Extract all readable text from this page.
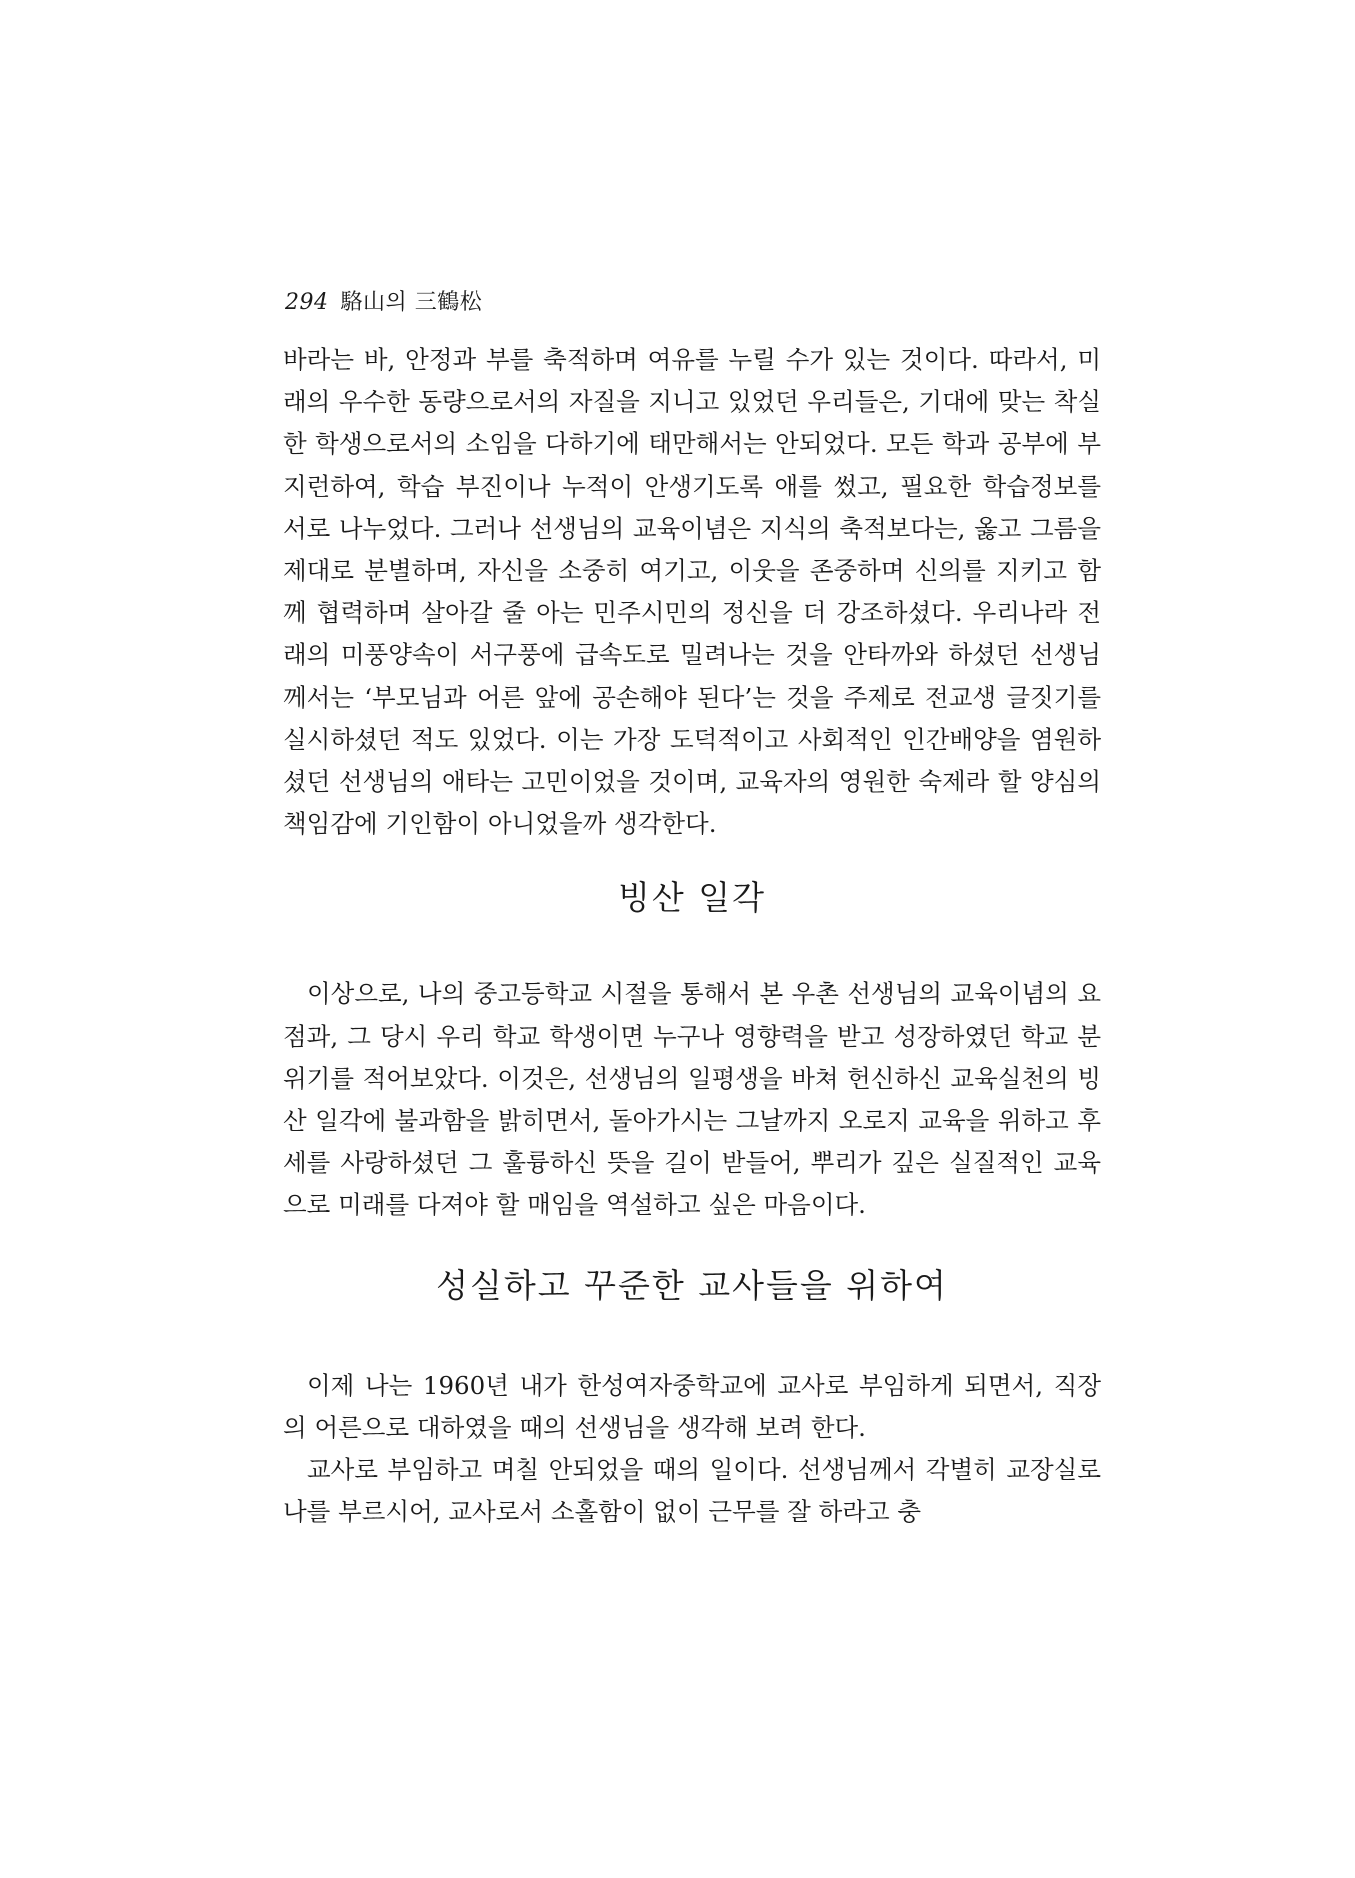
294 駱山의 三鶴松

바라는 바, 안정과 부를 축적하며 여유를 누릴 수가 있는 것이다. 따라서, 미래의 우수한 동량으로서의 자질을 지니고 있었던 우리들은, 기대에 맞는 착실한 학생으로서의 소임을 다하기에 태만해서는 안되었다. 모든 학과 공부에 부지런하여, 학습 부진이나 누적이 안생기도록 애를 썼고, 필요한 학습정보를 서로 나누었다. 그러나 선생님의 교육이념은 지식의 축적보다는, 옳고 그름을 제대로 분별하며, 자신을 소중히 여기고, 이웃을 존중하며 신의를 지키고 함께 협력하며 살아갈 줄 아는 민주시민의 정신을 더 강조하셨다. 우리나라 전래의 미풍양속이 서구풍에 급속도로 밀려나는 것을 안타까와 하셨던 선생님께서는 ‘부모님과 어른 앞에 공손해야 된다’는 것을 주제로 전교생 글짓기를 실시하셨던 적도 있었다. 이는 가장 도덕적이고 사회적인 인간배양을 염원하셨던 선생님의 애타는 고민이었을 것이며, 교육자의 영원한 숙제라 할 양심의 책임감에 기인함이 아니었을까 생각한다.

빙산 일각

이상으로, 나의 중고등학교 시절을 통해서 본 우촌 선생님의 교육이념의 요점과, 그 당시 우리 학교 학생이면 누구나 영향력을 받고 성장하였던 학교 분위기를 적어보았다. 이것은, 선생님의 일평생을 바쳐 헌신하신 교육실천의 빙산 일각에 불과함을 밝히면서, 돌아가시는 그날까지 오로지 교육을 위하고 후세를 사랑하셨던 그 훌륭하신 뜻을 길이 받들어, 뿌리가 깊은 실질적인 교육으로 미래를 다져야 할 매임을 역설하고 싶은 마음이다.

성실하고 꾸준한 교사들을 위하여

이제 나는 1960년 내가 한성여자중학교에 교사로 부임하게 되면서, 직장의 어른으로 대하였을 때의 선생님을 생각해 보려 한다.

교사로 부임하고 며칠 안되었을 때의 일이다. 선생님께서 각별히 교장실로 나를 부르시어, 교사로서 소홀함이 없이 근무를 잘 하라고 충
